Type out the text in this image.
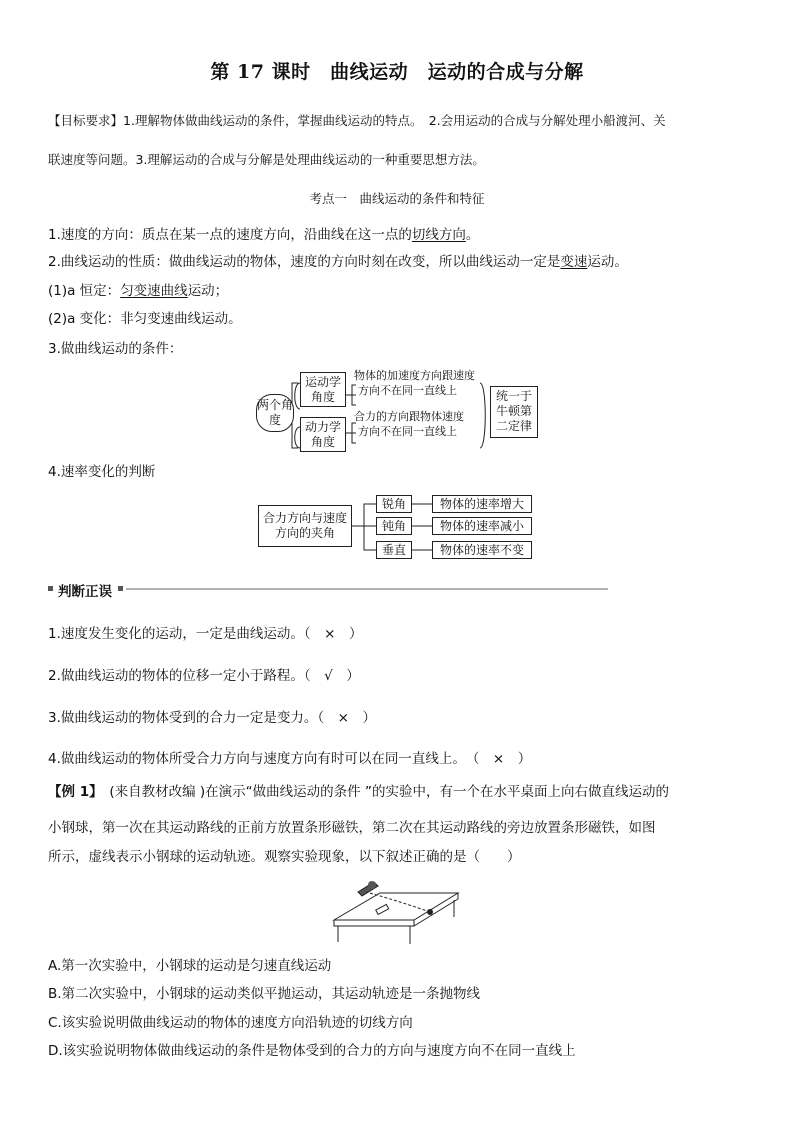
第 17 课时　曲线运动　运动的合成与分解
【目标要求】1.理解物体做曲线运动的条件，掌握曲线运动的特点。　2.会用运动的合成与分解处理小船渡河、关
联速度等问题。3.理解运动的合成与分解是处理曲线运动的一种重要思想方法。
考点一　曲线运动的条件和特征
1.速度的方向：质点在某一点的速度方向，沿曲线在这一点的切线方向。
2.曲线运动的性质：做曲线运动的物体，速度的方向时刻在改变，所以曲线运动一定是变速运动。
(1)a 恒定：匀变速曲线运动；
(2)a 变化：非匀变速曲线运动。
3.做曲线运动的条件：
两个角度
运动学角度
物体的加速度方向跟速度
方向不在同一直线上
动力学角度
合力的方向跟物体速度
方向不在同一直线上
统一于牛顿第二定律
4.速率变化的判断
合力方向与速度方向的夹角
锐角	物体的速率增大
钝角	物体的速率减小
垂直	物体的速率不变
判断正误
1.速度发生变化的运动，一定是曲线运动。（　×　）
2.做曲线运动的物体的位移一定小于路程。（　√　）
3.做曲线运动的物体受到的合力一定是变力。（　×　）
4.做曲线运动的物体所受合力方向与速度方向有时可以在同一直线上。　（　×　）
【例 1】　(来自教材改编 )在演示“做曲线运动的条件 ”的实验中，有一个在水平桌面上向右做直线运动的
小钢球，第一次在其运动路线的正前方放置条形磁铁，第二次在其运动路线的旁边放置条形磁铁，如图
所示，虚线表示小钢球的运动轨迹。观察实验现象，以下叙述正确的是（　　）
A.第一次实验中，小钢球的运动是匀速直线运动
B.第二次实验中，小钢球的运动类似平抛运动，其运动轨迹是一条抛物线
C.该实验说明做曲线运动的物体的速度方向沿轨迹的切线方向
D.该实验说明物体做曲线运动的条件是物体受到的合力的方向与速度方向不在同一直线上
